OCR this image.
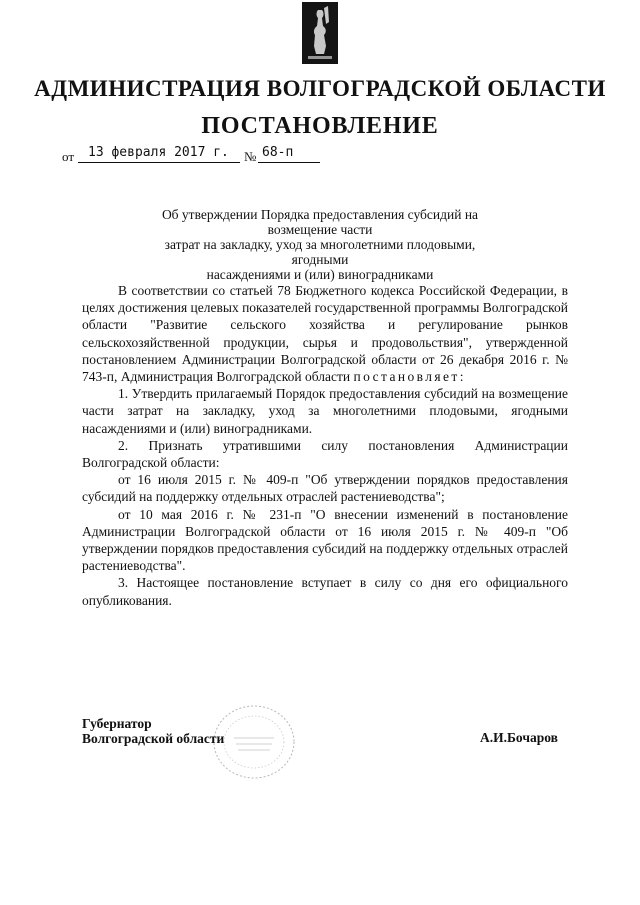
АДМИНИСТРАЦИЯ ВОЛГОГРАДСКОЙ ОБЛАСТИ
ПОСТАНОВЛЕНИЕ
от	13 февраля 2017 г.	№ 68-п
Об утверждении Порядка предоставления субсидий на возмещение части
затрат на закладку, уход за многолетними плодовыми, ягодными
насаждениями и (или) виноградниками

В соответствии со статьей 78 Бюджетного кодекса Российской Федерации, в целях достижения целевых показателей государственной программы Волгоградской области "Развитие сельского хозяйства и регулирование рынков сельскохозяйственной продукции, сырья и продовольствия", утвержденной постановлением Администрации Волгоградской области от 26 декабря 2016 г. № 743-п, Администрация Волгоградской области постановляет:

1. Утвердить прилагаемый Порядок предоставления субсидий на возмещение части затрат на закладку, уход за многолетними плодовыми, ягодными насаждениями и (или) виноградниками.

2. Признать утратившими силу постановления Администрации Волгоградской области:

от 16 июля 2015 г. № 409-п "Об утверждении порядков предоставления субсидий на поддержку отдельных отраслей растениеводства";

от 10 мая 2016 г. № 231-п "О внесении изменений в постановление Администрации Волгоградской области от 16 июля 2015 г. № 409-п "Об утверждении порядков предоставления субсидий на поддержку отдельных отраслей растениеводства".

3. Настоящее постановление вступает в силу со дня его официального опубликования.

Губернатор
Волгоградской области	А.И.Бочаров
